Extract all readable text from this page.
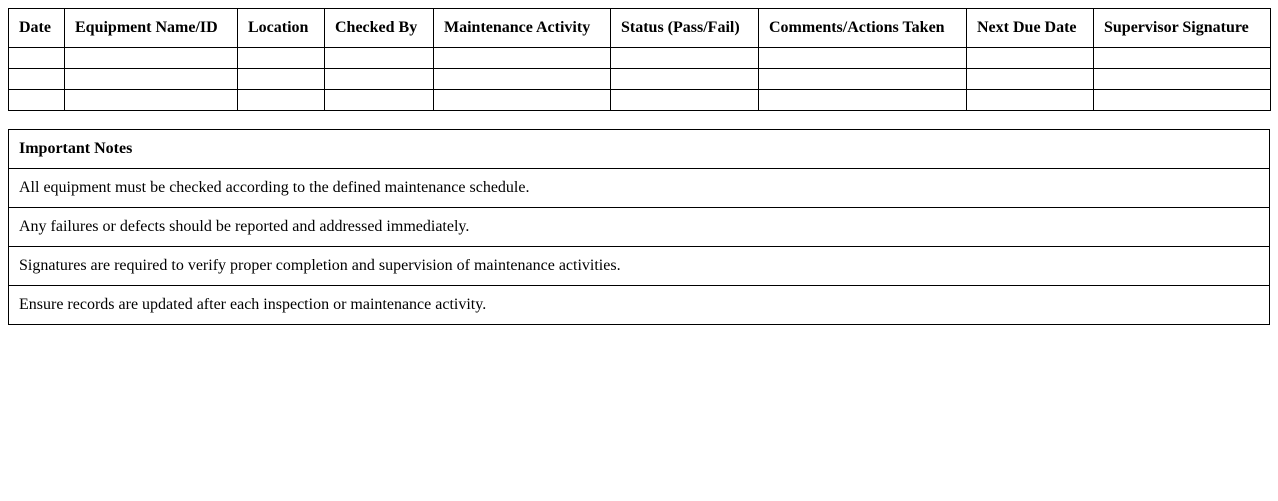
Date	Equipment Name/ID	Location	Checked By	Maintenance Activity	Status (Pass/Fail)	Comments/Actions Taken	Next Due Date	Supervisor Signature

Important Notes
All equipment must be checked according to the defined maintenance schedule.
Any failures or defects should be reported and addressed immediately.
Signatures are required to verify proper completion and supervision of maintenance activities.
Ensure records are updated after each inspection or maintenance activity.
